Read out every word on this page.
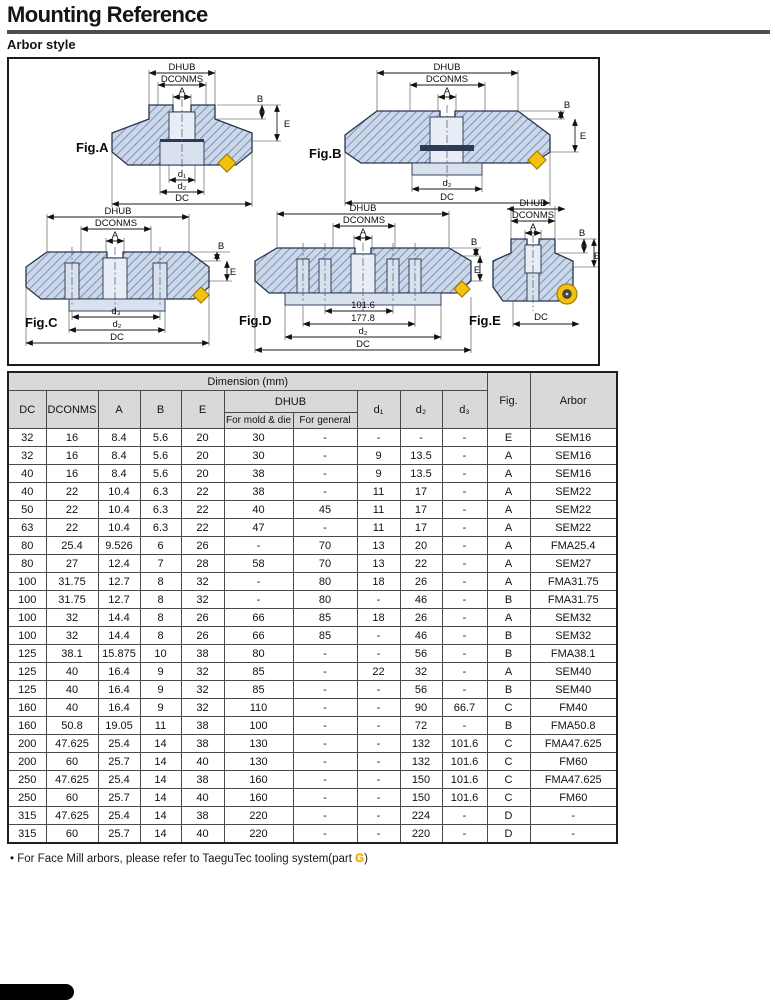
Mounting Reference
Arbor style
DHUB
DCONMS
A
B
E
d₁
d₂
DC
Fig.A
DHUB
DCONMS
A
B
E
d₂
DC
Fig.B
DHUB
DCONMS
A
B
E
d₃
d₂
DC
Fig.C
DHUB
DCONMS
A
B
E
101.6
177.8
d₂
DC
Fig.D
DHUB
DCONMS
A
B
E
DC
Fig.E
Dimension (mm)										Fig.	Arbor
DC	DCONMS	A	B	E	DHUB		d₁	d₂	d₃		
					For mold & die	For general					
32	16	8.4	5.6	20	30	-	-	-	-	E	SEM16
32	16	8.4	5.6	20	30	-	9	13.5	-	A	SEM16
40	16	8.4	5.6	20	38	-	9	13.5	-	A	SEM16
40	22	10.4	6.3	22	38	-	11	17	-	A	SEM22
50	22	10.4	6.3	22	40	45	11	17	-	A	SEM22
63	22	10.4	6.3	22	47	-	11	17	-	A	SEM22
80	25.4	9.526	6	26	-	70	13	20	-	A	FMA25.4
80	27	12.4	7	28	58	70	13	22	-	A	SEM27
100	31.75	12.7	8	32	-	80	18	26	-	A	FMA31.75
100	31.75	12.7	8	32	-	80	-	46	-	B	FMA31.75
100	32	14.4	8	26	66	85	18	26	-	A	SEM32
100	32	14.4	8	26	66	85	-	46	-	B	SEM32
125	38.1	15.875	10	38	80	-	-	56	-	B	FMA38.1
125	40	16.4	9	32	85	-	22	32	-	A	SEM40
125	40	16.4	9	32	85	-	-	56	-	B	SEM40
160	40	16.4	9	32	110	-	-	90	66.7	C	FM40
160	50.8	19.05	11	38	100	-	-	72	-	B	FMA50.8
200	47.625	25.4	14	38	130	-	-	132	101.6	C	FMA47.625
200	60	25.7	14	40	130	-	-	132	101.6	C	FM60
250	47.625	25.4	14	38	160	-	-	150	101.6	C	FMA47.625
250	60	25.7	14	40	160	-	-	150	101.6	C	FM60
315	47.625	25.4	14	38	220	-	-	224	-	D	-
315	60	25.7	14	40	220	-	-	220	-	D	-
• For Face Mill arbors, please refer to TaeguTec tooling system(part G)
